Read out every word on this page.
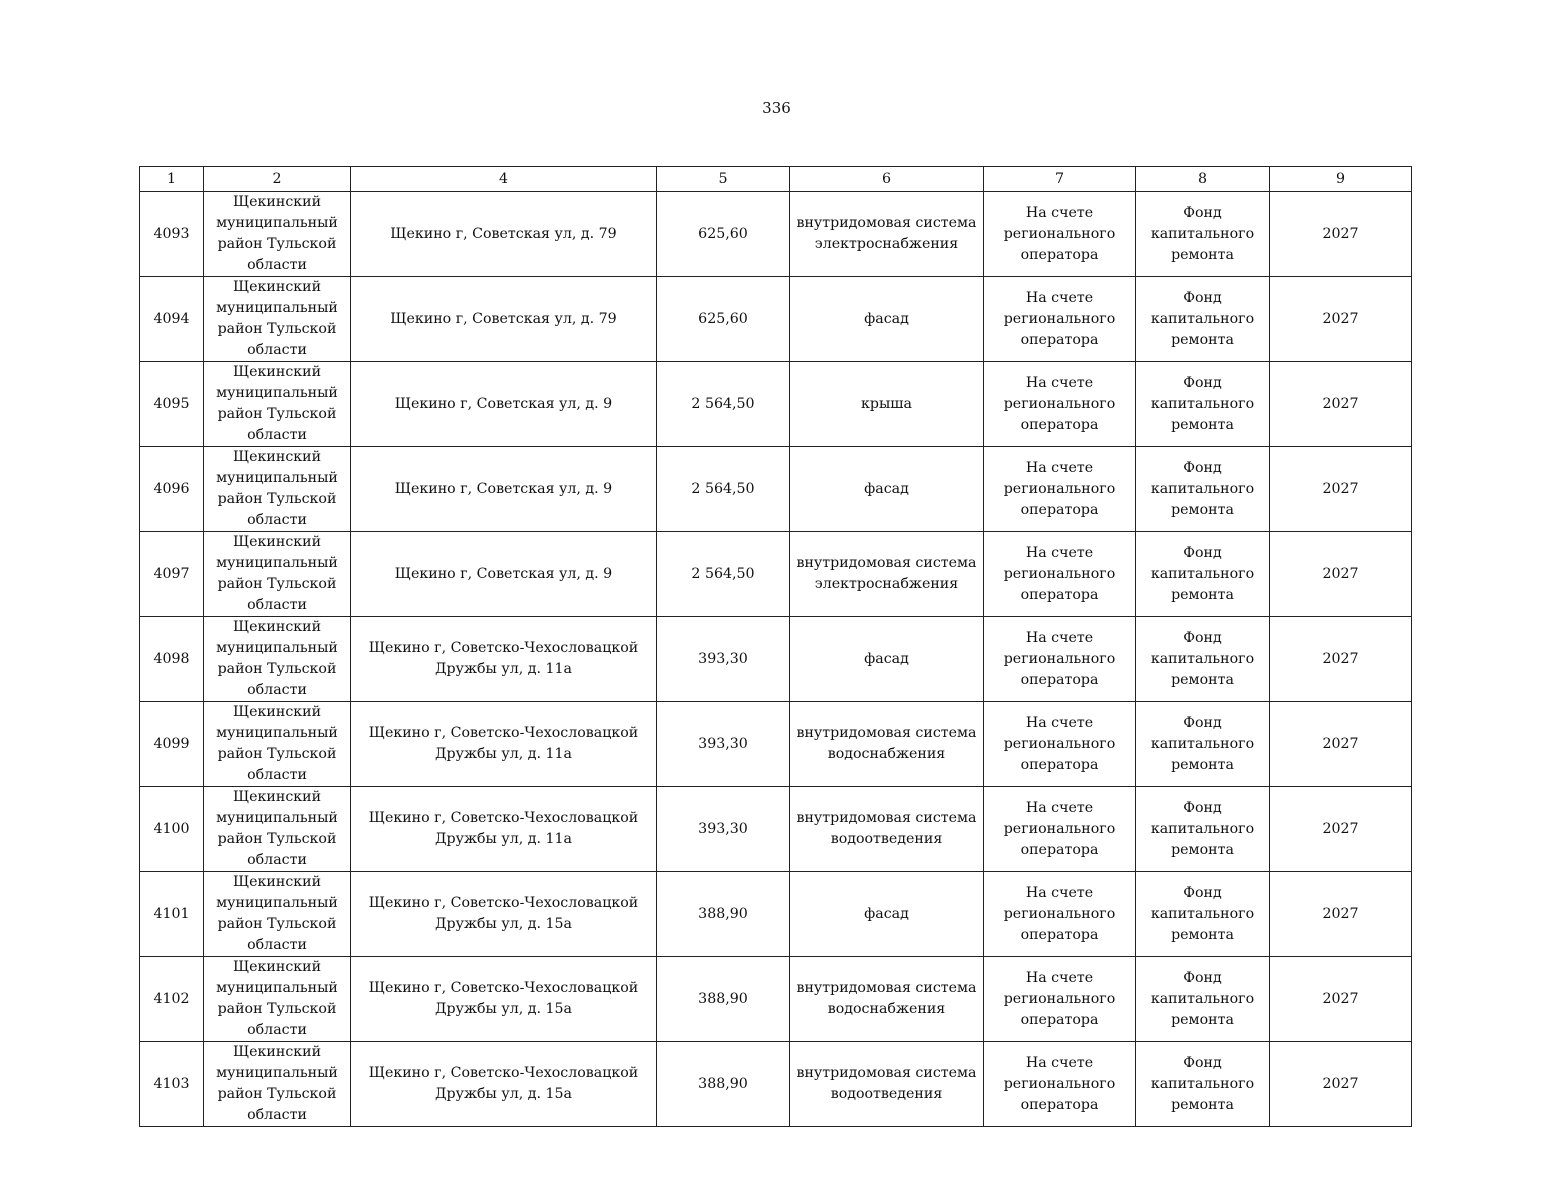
336
1	2	4	5	6	7	8	9
4093	Щекинский муниципальный район Тульской области	Щекино г, Советская ул, д. 79	625,60	внутридомовая система электроснабжения	На счете регионального оператора	Фонд капитального ремонта	2027
4094	Щекинский муниципальный район Тульской области	Щекино г, Советская ул, д. 79	625,60	фасад	На счете регионального оператора	Фонд капитального ремонта	2027
4095	Щекинский муниципальный район Тульской области	Щекино г, Советская ул, д. 9	2 564,50	крыша	На счете регионального оператора	Фонд капитального ремонта	2027
4096	Щекинский муниципальный район Тульской области	Щекино г, Советская ул, д. 9	2 564,50	фасад	На счете регионального оператора	Фонд капитального ремонта	2027
4097	Щекинский муниципальный район Тульской области	Щекино г, Советская ул, д. 9	2 564,50	внутридомовая система электроснабжения	На счете регионального оператора	Фонд капитального ремонта	2027
4098	Щекинский муниципальный район Тульской области	Щекино г, Советско-Чехословацкой Дружбы ул, д. 11а	393,30	фасад	На счете регионального оператора	Фонд капитального ремонта	2027
4099	Щекинский муниципальный район Тульской области	Щекино г, Советско-Чехословацкой Дружбы ул, д. 11а	393,30	внутридомовая система водоснабжения	На счете регионального оператора	Фонд капитального ремонта	2027
4100	Щекинский муниципальный район Тульской области	Щекино г, Советско-Чехословацкой Дружбы ул, д. 11а	393,30	внутридомовая система водоотведения	На счете регионального оператора	Фонд капитального ремонта	2027
4101	Щекинский муниципальный район Тульской области	Щекино г, Советско-Чехословацкой Дружбы ул, д. 15а	388,90	фасад	На счете регионального оператора	Фонд капитального ремонта	2027
4102	Щекинский муниципальный район Тульской области	Щекино г, Советско-Чехословацкой Дружбы ул, д. 15а	388,90	внутридомовая система водоснабжения	На счете регионального оператора	Фонд капитального ремонта	2027
4103	Щекинский муниципальный район Тульской области	Щекино г, Советско-Чехословацкой Дружбы ул, д. 15а	388,90	внутридомовая система водоотведения	На счете регионального оператора	Фонд капитального ремонта	2027
